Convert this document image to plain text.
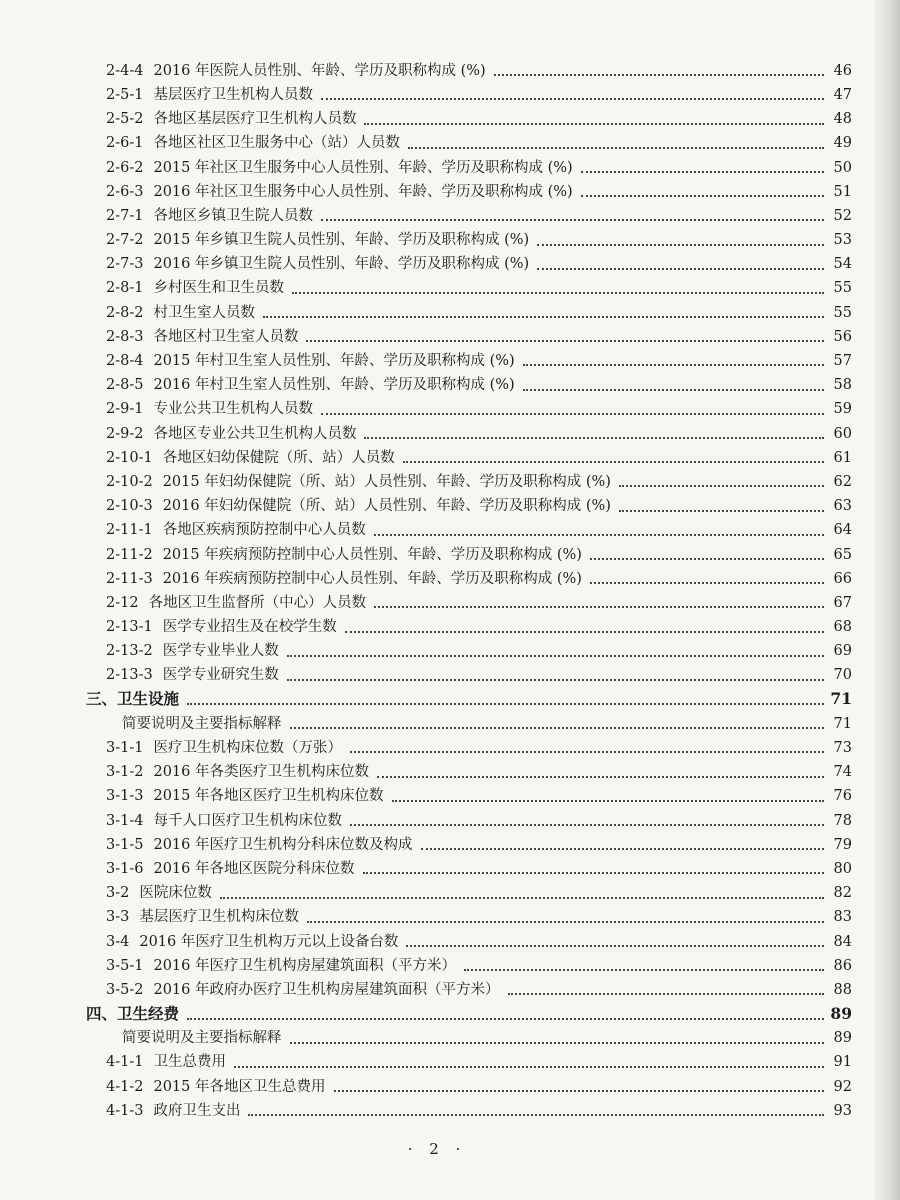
2-4-4 2016 年医院人员性别、年龄、学历及职称构成 (%)	46
2-5-1 基层医疗卫生机构人员数	47
2-5-2 各地区基层医疗卫生机构人员数	48
2-6-1 各地区社区卫生服务中心（站）人员数	49
2-6-2 2015 年社区卫生服务中心人员性别、年龄、学历及职称构成 (%)	50
2-6-3 2016 年社区卫生服务中心人员性别、年龄、学历及职称构成 (%)	51
2-7-1 各地区乡镇卫生院人员数	52
2-7-2 2015 年乡镇卫生院人员性别、年龄、学历及职称构成 (%)	53
2-7-3 2016 年乡镇卫生院人员性别、年龄、学历及职称构成 (%)	54
2-8-1 乡村医生和卫生员数	55
2-8-2 村卫生室人员数	55
2-8-3 各地区村卫生室人员数	56
2-8-4 2015 年村卫生室人员性别、年龄、学历及职称构成 (%)	57
2-8-5 2016 年村卫生室人员性别、年龄、学历及职称构成 (%)	58
2-9-1 专业公共卫生机构人员数	59
2-9-2 各地区专业公共卫生机构人员数	60
2-10-1 各地区妇幼保健院（所、站）人员数	61
2-10-2 2015 年妇幼保健院（所、站）人员性别、年龄、学历及职称构成 (%)	62
2-10-3 2016 年妇幼保健院（所、站）人员性别、年龄、学历及职称构成 (%)	63
2-11-1 各地区疾病预防控制中心人员数	64
2-11-2 2015 年疾病预防控制中心人员性别、年龄、学历及职称构成 (%)	65
2-11-3 2016 年疾病预防控制中心人员性别、年龄、学历及职称构成 (%)	66
2-12 各地区卫生监督所（中心）人员数	67
2-13-1 医学专业招生及在校学生数	68
2-13-2 医学专业毕业人数	69
2-13-3 医学专业研究生数	70
三、卫生设施	71
简要说明及主要指标解释	71
3-1-1 医疗卫生机构床位数（万张）	73
3-1-2 2016 年各类医疗卫生机构床位数	74
3-1-3 2015 年各地区医疗卫生机构床位数	76
3-1-4 每千人口医疗卫生机构床位数	78
3-1-5 2016 年医疗卫生机构分科床位数及构成	79
3-1-6 2016 年各地区医院分科床位数	80
3-2 医院床位数	82
3-3 基层医疗卫生机构床位数	83
3-4 2016 年医疗卫生机构万元以上设备台数	84
3-5-1 2016 年医疗卫生机构房屋建筑面积（平方米）	86
3-5-2 2016 年政府办医疗卫生机构房屋建筑面积（平方米）	88
四、卫生经费	89
简要说明及主要指标解释	89
4-1-1 卫生总费用	91
4-1-2 2015 年各地区卫生总费用	92
4-1-3 政府卫生支出	93
· 2 ·
